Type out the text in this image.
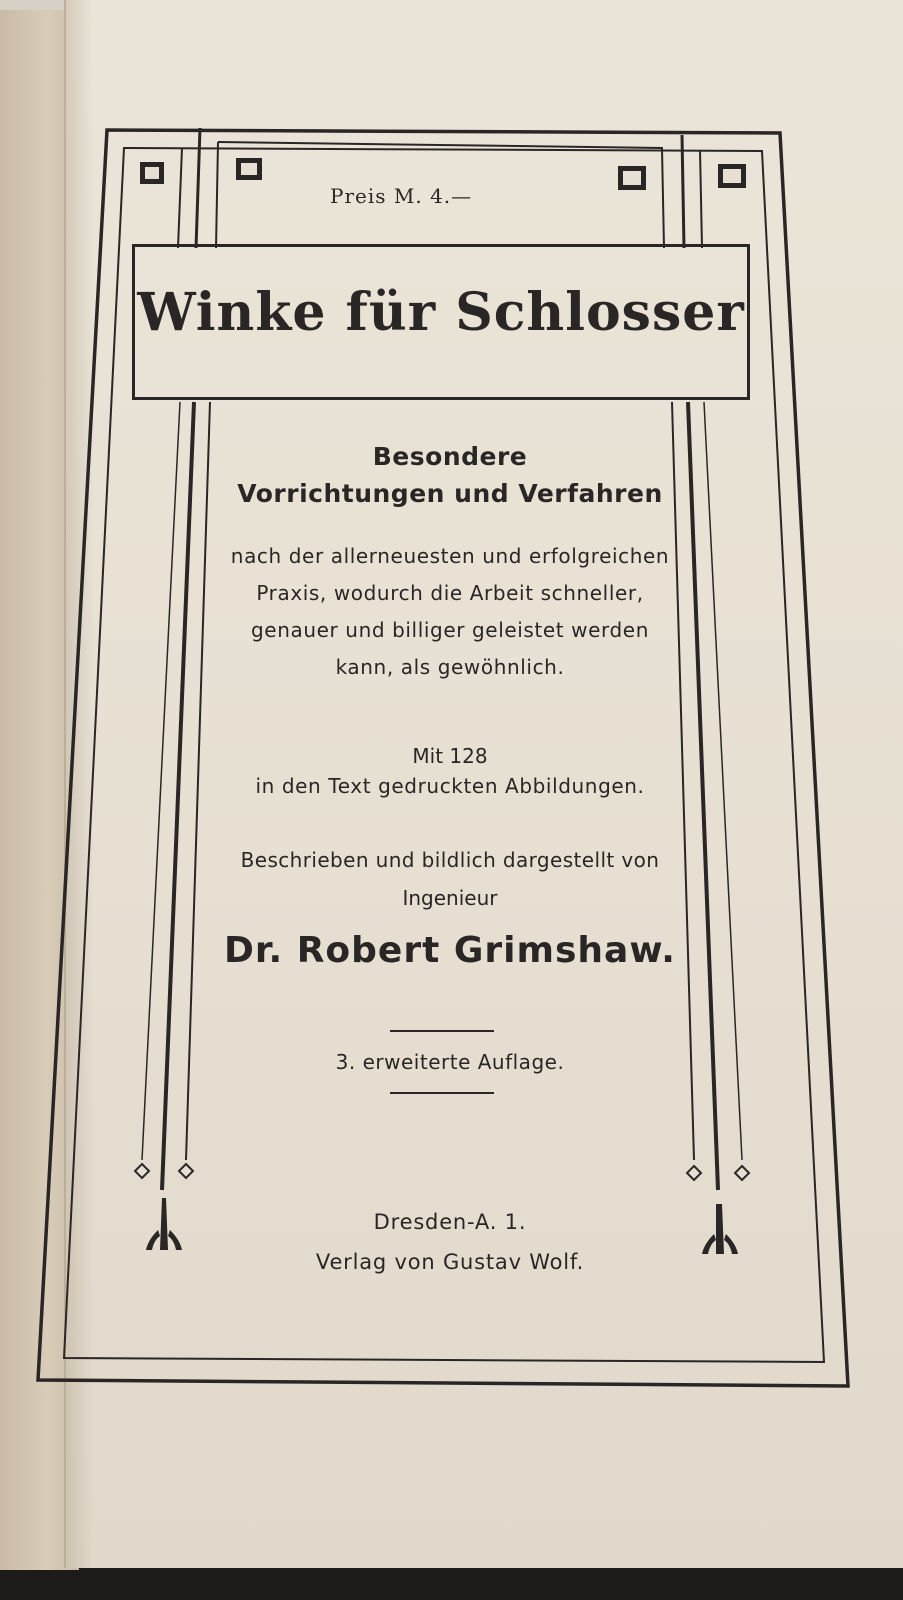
Preis M. 4.—
Winke für Schlosser
Besondere
Vorrichtungen und Verfahren
nach der allerneuesten und erfolgreichen Praxis, wodurch die Arbeit schneller, genauer und billiger geleistet werden kann, als gewöhnlich.
Mit 128
in den Text gedruckten Abbildungen.
Beschrieben und bildlich dargestellt von
Ingenieur
Dr. Robert Grimshaw.
3. erweiterte Auflage.
Dresden-A. 1.
Verlag von Gustav Wolf.
